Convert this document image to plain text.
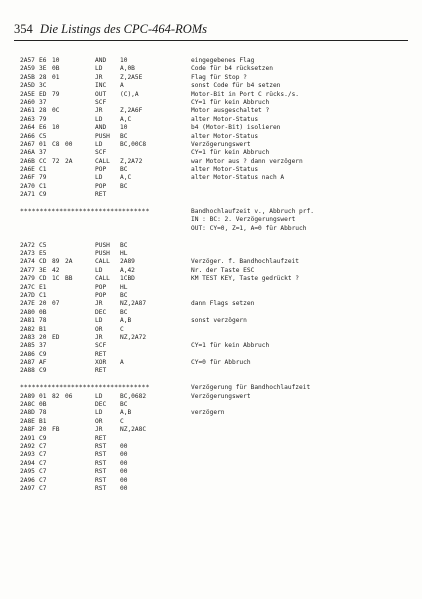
354 Die Listings des CPC-464-ROMs
2A57 E6 10	AND 10	eingegebenes Flag
2A59 3E 0B	LD	A,0B	Code für b4 rücksetzen
2A5B 28 01	JR	Z,2A5E	Flag für Stop ?
2A5D 3C	INC A	sonst Code für b4 setzen
2A5E ED 79	OUT (C),A	Motor-Bit in Port C rücks./s.
2A60 37	SCF	CY=1 für kein Abbruch
2A61 28 0C	JR	Z,2A6F	Motor ausgeschaltet ?
2A63 79	LD	A,C	alter Motor-Status
2A64 E6 10	AND 10	b4 (Motor-Bit) isolieren
2A66 C5	PUSH BC	alter Motor-Status
2A67 01 C8 00	LD	BC,00C8	Verzögerungswert
2A6A 37	SCF	CY=1 für kein Abbruch
2A6B CC 72 2A	CALL Z,2A72	war Motor aus ? dann verzögern
2A6E C1	POP BC	alter Motor-Status
2A6F 79	LD	A,C	alter Motor-Status nach A
2A70 C1	POP BC
2A71 C9	RET
*********************************	Bandhochlaufzeit v., Abbruch prf.
IN : BC: 2. Verzögerungswert
OUT: CY=0, Z=1, A=0 für Abbruch
2A72 C5	PUSH BC
2A73 E5	PUSH HL
2A74 CD 89 2A	CALL 2A89	Verzöger. f. Bandhochlaufzeit
2A77 3E 42	LD	A,42	Nr. der Taste ESC
2A79 CD 1C BB	CALL 1CBD	KM TEST KEY, Taste gedrückt ?
2A7C E1	POP HL
2A7D C1	POP BC
2A7E 20 07	JR	NZ,2A87	dann Flags setzen
2A80 0B	DEC BC
2A81 78	LD	A,B	sonst verzögern
2A82 B1	OR	C
2A83 20 ED	JR	NZ,2A72
2A85 37	SCF	CY=1 für kein Abbruch
2A86 C9	RET
2A87 AF	XOR A	CY=0 für Abbruch
2A88 C9	RET
*********************************	Verzögerung für Bandhochlaufzeit
2A89 01 82 06	LD	BC,0682	Verzögerungswert
2A8C 0B	DEC BC
2A8D 78	LD	A,B	verzögern
2A8E B1	OR	C
2A8F 20 FB	JR	NZ,2A8C
2A91 C9	RET
2A92 C7	RST 00
2A93 C7	RST 00
2A94 C7	RST 00
2A95 C7	RST 00
2A96 C7	RST 00
2A97 C7	RST 00
